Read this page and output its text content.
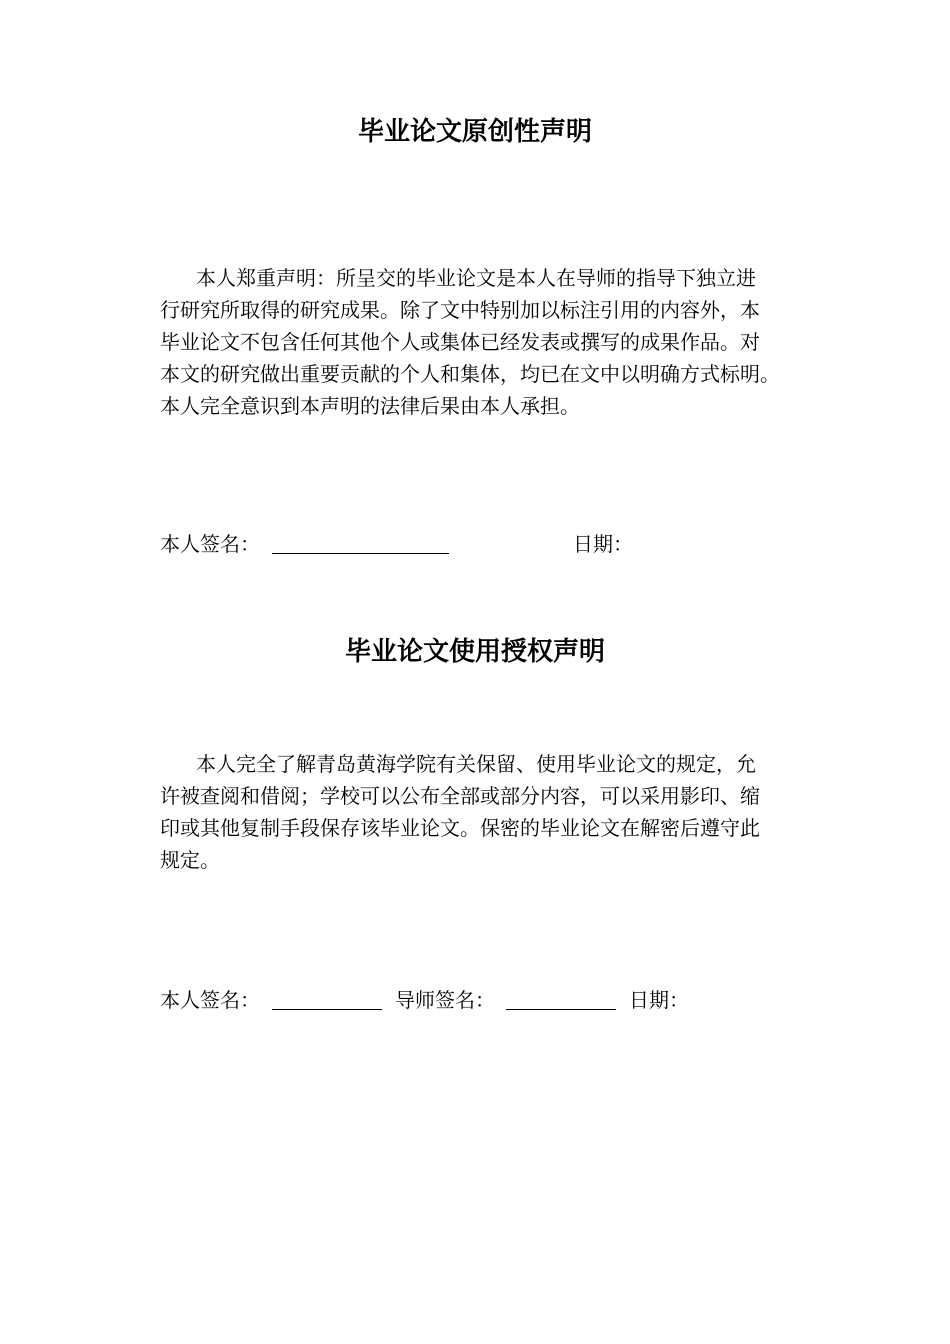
毕业论文原创性声明
本人郑重声明：所呈交的毕业论文是本人在导师的指导下独立进
行研究所取得的研究成果。除了文中特别加以标注引用的内容外，本
毕业论文不包含任何其他个人或集体已经发表或撰写的成果作品。对
本文的研究做出重要贡献的个人和集体，均已在文中以明确方式标明。
本人完全意识到本声明的法律后果由本人承担。
本人签名：	日期：
毕业论文使用授权声明
本人完全了解青岛黄海学院有关保留、使用毕业论文的规定，允
许被查阅和借阅；学校可以公布全部或部分内容，可以采用影印、缩
印或其他复制手段保存该毕业论文。保密的毕业论文在解密后遵守此
规定。
本人签名：	导师签名：	日期：
